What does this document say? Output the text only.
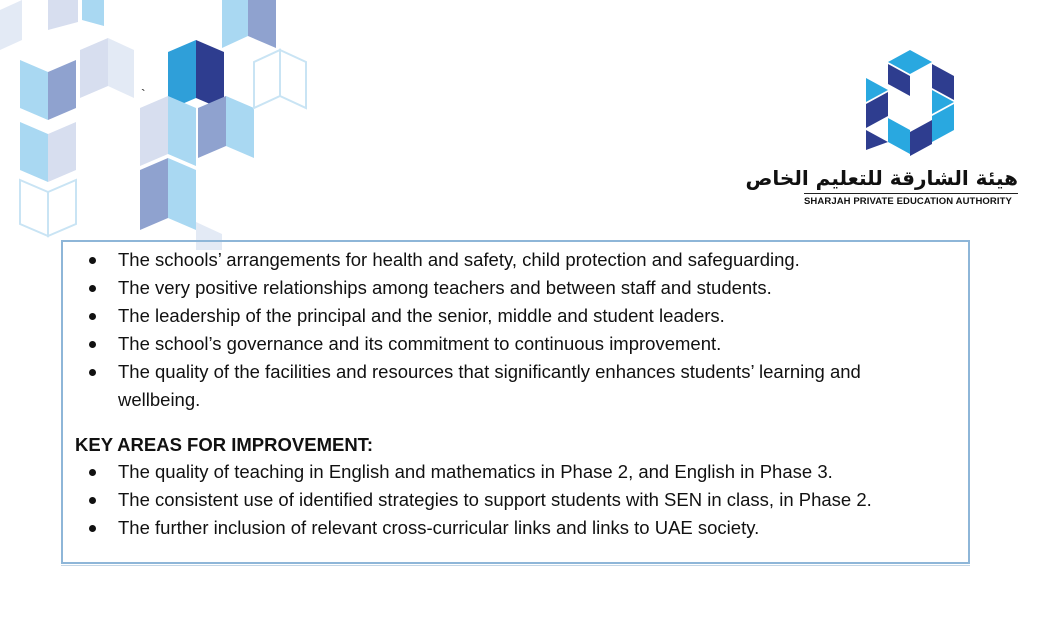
هيئة الشارقة للتعليم الخاص
SHARJAH PRIVATE EDUCATION AUTHORITY
`
The schools’ arrangements for health and safety, child protection and safeguarding.
The very positive relationships among teachers and between staff and students.
The leadership of the principal and the senior, middle and student leaders.
The school’s governance and its commitment to continuous improvement.
The quality of the facilities and resources that significantly enhances students’ learning and wellbeing.
KEY AREAS FOR IMPROVEMENT:
The quality of teaching in English and mathematics in Phase 2, and English in Phase 3.
The consistent use of identified strategies to support students with SEN in class, in Phase 2.
The further inclusion of relevant cross-curricular links and links to UAE society.
